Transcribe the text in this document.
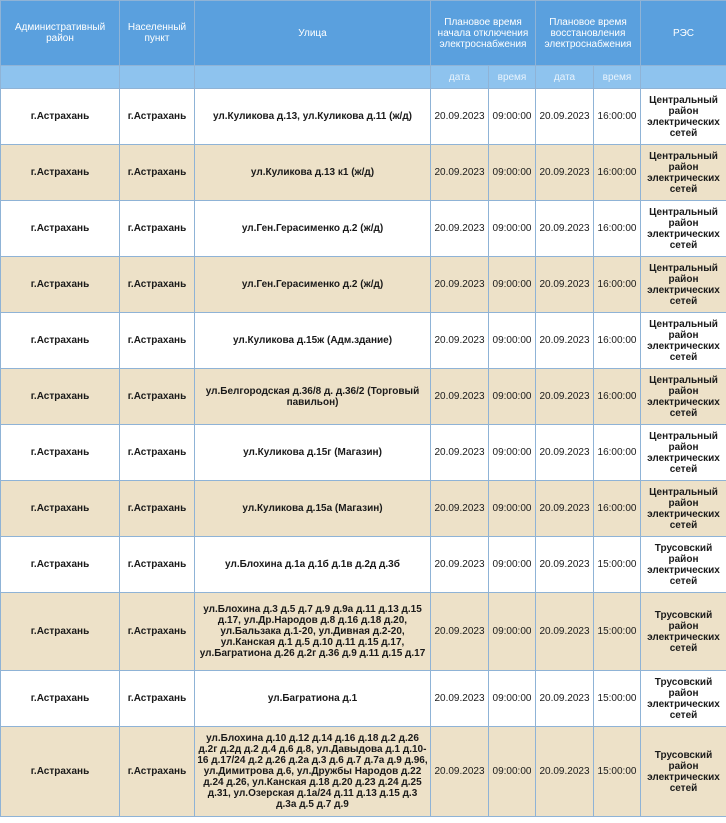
Административный район	Населенный пункт	Улица	Плановое время начала отключения электроснабжения		Плановое время восстановления электроснабжения		РЭС
			дата	время	дата	время	
г.Астрахань	г.Астрахань	ул.Куликова д.13, ул.Куликова д.11 (ж/д)	20.09.2023	09:00:00	20.09.2023	16:00:00	Центральный район электрических сетей
г.Астрахань	г.Астрахань	ул.Куликова д.13 к1 (ж/д)	20.09.2023	09:00:00	20.09.2023	16:00:00	Центральный район электрических сетей
г.Астрахань	г.Астрахань	ул.Ген.Герасименко д.2 (ж/д)	20.09.2023	09:00:00	20.09.2023	16:00:00	Центральный район электрических сетей
г.Астрахань	г.Астрахань	ул.Ген.Герасименко д.2 (ж/д)	20.09.2023	09:00:00	20.09.2023	16:00:00	Центральный район электрических сетей
г.Астрахань	г.Астрахань	ул.Куликова д.15ж (Адм.здание)	20.09.2023	09:00:00	20.09.2023	16:00:00	Центральный район электрических сетей
г.Астрахань	г.Астрахань	ул.Белгородская д.36/8 д. д.36/2 (Торговый павильон)	20.09.2023	09:00:00	20.09.2023	16:00:00	Центральный район электрических сетей
г.Астрахань	г.Астрахань	ул.Куликова д.15г (Магазин)	20.09.2023	09:00:00	20.09.2023	16:00:00	Центральный район электрических сетей
г.Астрахань	г.Астрахань	ул.Куликова д.15а (Магазин)	20.09.2023	09:00:00	20.09.2023	16:00:00	Центральный район электрических сетей
г.Астрахань	г.Астрахань	ул.Блохина д.1а д.1б д.1в д.2д д.3б	20.09.2023	09:00:00	20.09.2023	15:00:00	Трусовский район электрических сетей
г.Астрахань	г.Астрахань	ул.Блохина д.3 д.5 д.7 д.9 д.9а д.11 д.13 д.15 д.17, ул.Др.Народов д.8 д.16 д.18 д.20, ул.Бальзака д.1-20, ул.Дивная д.2-20, ул.Канская д.1 д.5 д.10 д.11 д.15 д.17, ул.Багратиона д.26 д.2г д.36 д.9 д.11 д.15 д.17	20.09.2023	09:00:00	20.09.2023	15:00:00	Трусовский район электрических сетей
г.Астрахань	г.Астрахань	ул.Багратиона д.1	20.09.2023	09:00:00	20.09.2023	15:00:00	Трусовский район электрических сетей
г.Астрахань	г.Астрахань	ул.Блохина д.10 д.12 д.14 д.16 д.18 д.2 д.26 д.2г д.2д д.2 д.4 д.6 д.8, ул.Давыдова д.1 д.10-16 д.17/24 д.2 д.26 д.2а д.3 д.6 д.7 д.7а д.9 д.96, ул.Димитрова д.6, ул.Дружбы Народов д.22 д.24 д.26, ул.Канская д.18 д.20 д.23 д.24 д.25 д.31, ул.Озерская д.1а/24 д.11 д.13 д.15 д.3 д.3а д.5 д.7 д.9	20.09.2023	09:00:00	20.09.2023	15:00:00	Трусовский район электрических сетей
